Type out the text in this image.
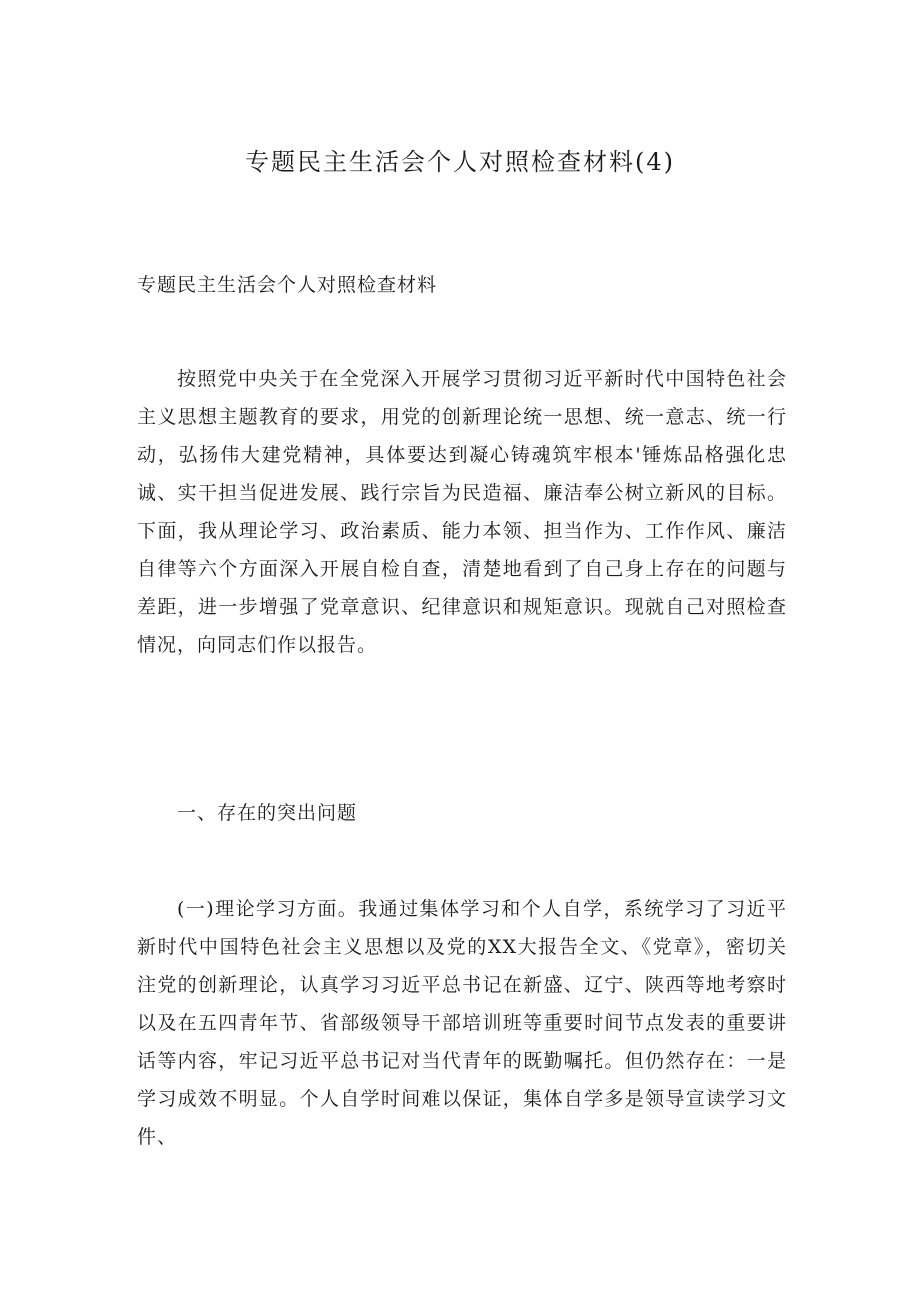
专题民主生活会个人对照检查材料(4)

专题民主生活会个人对照检查材料

按照党中央关于在全党深入开展学习贯彻习近平新时代中国特色社会主义思想主题教育的要求，用党的创新理论统一思想、统一意志、统一行动，弘扬伟大建党精神，具体要达到凝心铸魂筑牢根本'锤炼品格强化忠诚、实干担当促进发展、践行宗旨为民造福、廉洁奉公树立新风的目标。下面，我从理论学习、政治素质、能力本领、担当作为、工作作风、廉洁自律等六个方面深入开展自检自查，清楚地看到了自己身上存在的问题与差距，进一步增强了党章意识、纪律意识和规矩意识。现就自己对照检查情况，向同志们作以报告。

一、存在的突出问题

(一)理论学习方面。我通过集体学习和个人自学，系统学习了习近平新时代中国特色社会主义思想以及党的XX大报告全文、《党章》，密切关注党的创新理论，认真学习习近平总书记在新盛、辽宁、陕西等地考察时以及在五四青年节、省部级领导干部培训班等重要时间节点发表的重要讲话等内容，牢记习近平总书记对当代青年的既勤嘱托。但仍然存在：一是学习成效不明显。个人自学时间难以保证，集体自学多是领导宣读学习文件、
